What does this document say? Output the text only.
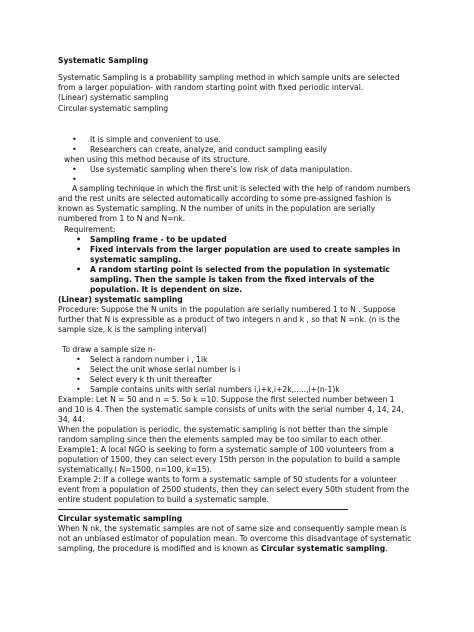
Systematic Sampling
Systematic Sampling is a probability sampling method in which sample units are selected
from a larger population- with random starting point with fixed periodic interval.
(Linear) systematic sampling
Circular systematic sampling
• It is simple and convenient to use.
• Researchers can create, analyze, and conduct sampling easily
when using this method because of its structure.
• Use systematic sampling when there’s low risk of data manipulation.
•
A sampling technique in which the first unit is selected with the help of random numbers
and the rest units are selected automatically according to some pre-assigned fashion is
known as Systematic sampling. N the number of units in the population are serially
numbered from 1 to N and N=nk.
Requirement:
• Sampling frame - to be updated
• Fixed intervals from the larger population are used to create samples in
systematic sampling.
• A random starting point is selected from the population in systematic
sampling. Then the sample is taken from the fixed intervals of the
population. It is dependent on size.
(Linear) systematic sampling
Procedure: Suppose the N units in the population are serially numbered 1 to N . Suppose
further that N is expressible as a product of two integers n and k , so that N =nk. (n is the
sample size, k is the sampling interval)
To draw a sample size n-
• Select a random number i , 1ik
• Select the unit whose serial number is i
• Select every k th unit thereafter
• Sample contains units with serial numbers i,i+k,i+2k,.....,i+(n-1)k
Example: Let N = 50 and n = 5. So k =10. Suppose the first selected number between 1
and 10 is 4. Then the systematic sample consists of units with the serial number 4, 14, 24,
34, 44.
When the population is periodic, the systematic sampling is not better than the simple
random sampling since then the elements sampled may be too similar to each other.
Example1: A local NGO is seeking to form a systematic sample of 100 volunteers from a
population of 1500, they can select every 15th person in the population to build a sample
systematically.( N=1500, n=100, k=15).
Example 2: If a college wants to form a systematic sample of 50 students for a volunteer
event from a population of 2500 students, then they can select every 50th student from the
entire student population to build a systematic sample.
Circular systematic sampling
When N nk, the systematic samples are not of same size and consequently sample mean is
not an unbiased estimator of population mean. To overcome this disadvantage of systematic
sampling, the procedure is modified and is known as Circular systematic sampling.
